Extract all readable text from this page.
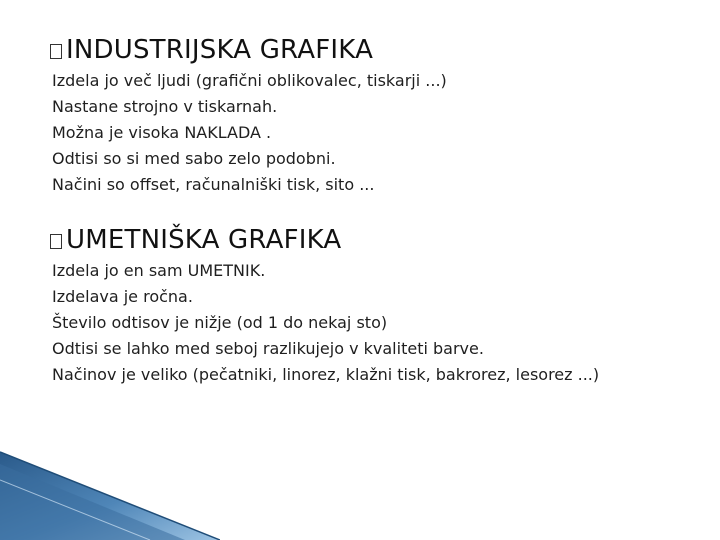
INDUSTRIJSKA GRAFIKA
Izdela jo več ljudi (grafični oblikovalec, tiskarji ...)
Nastane strojno v tiskarnah.
Možna je visoka NAKLADA .
Odtisi so si med sabo zelo podobni.
Načini so offset, računalniški tisk, sito ...
UMETNIŠKA GRAFIKA
Izdela jo en sam UMETNIK.
Izdelava je ročna.
Število odtisov je nižje (od 1 do nekaj sto)
Odtisi se lahko med seboj razlikujejo v kvaliteti barve.
Načinov je veliko (pečatniki, linorez, klažni tisk, bakrorez, lesorez ...)
